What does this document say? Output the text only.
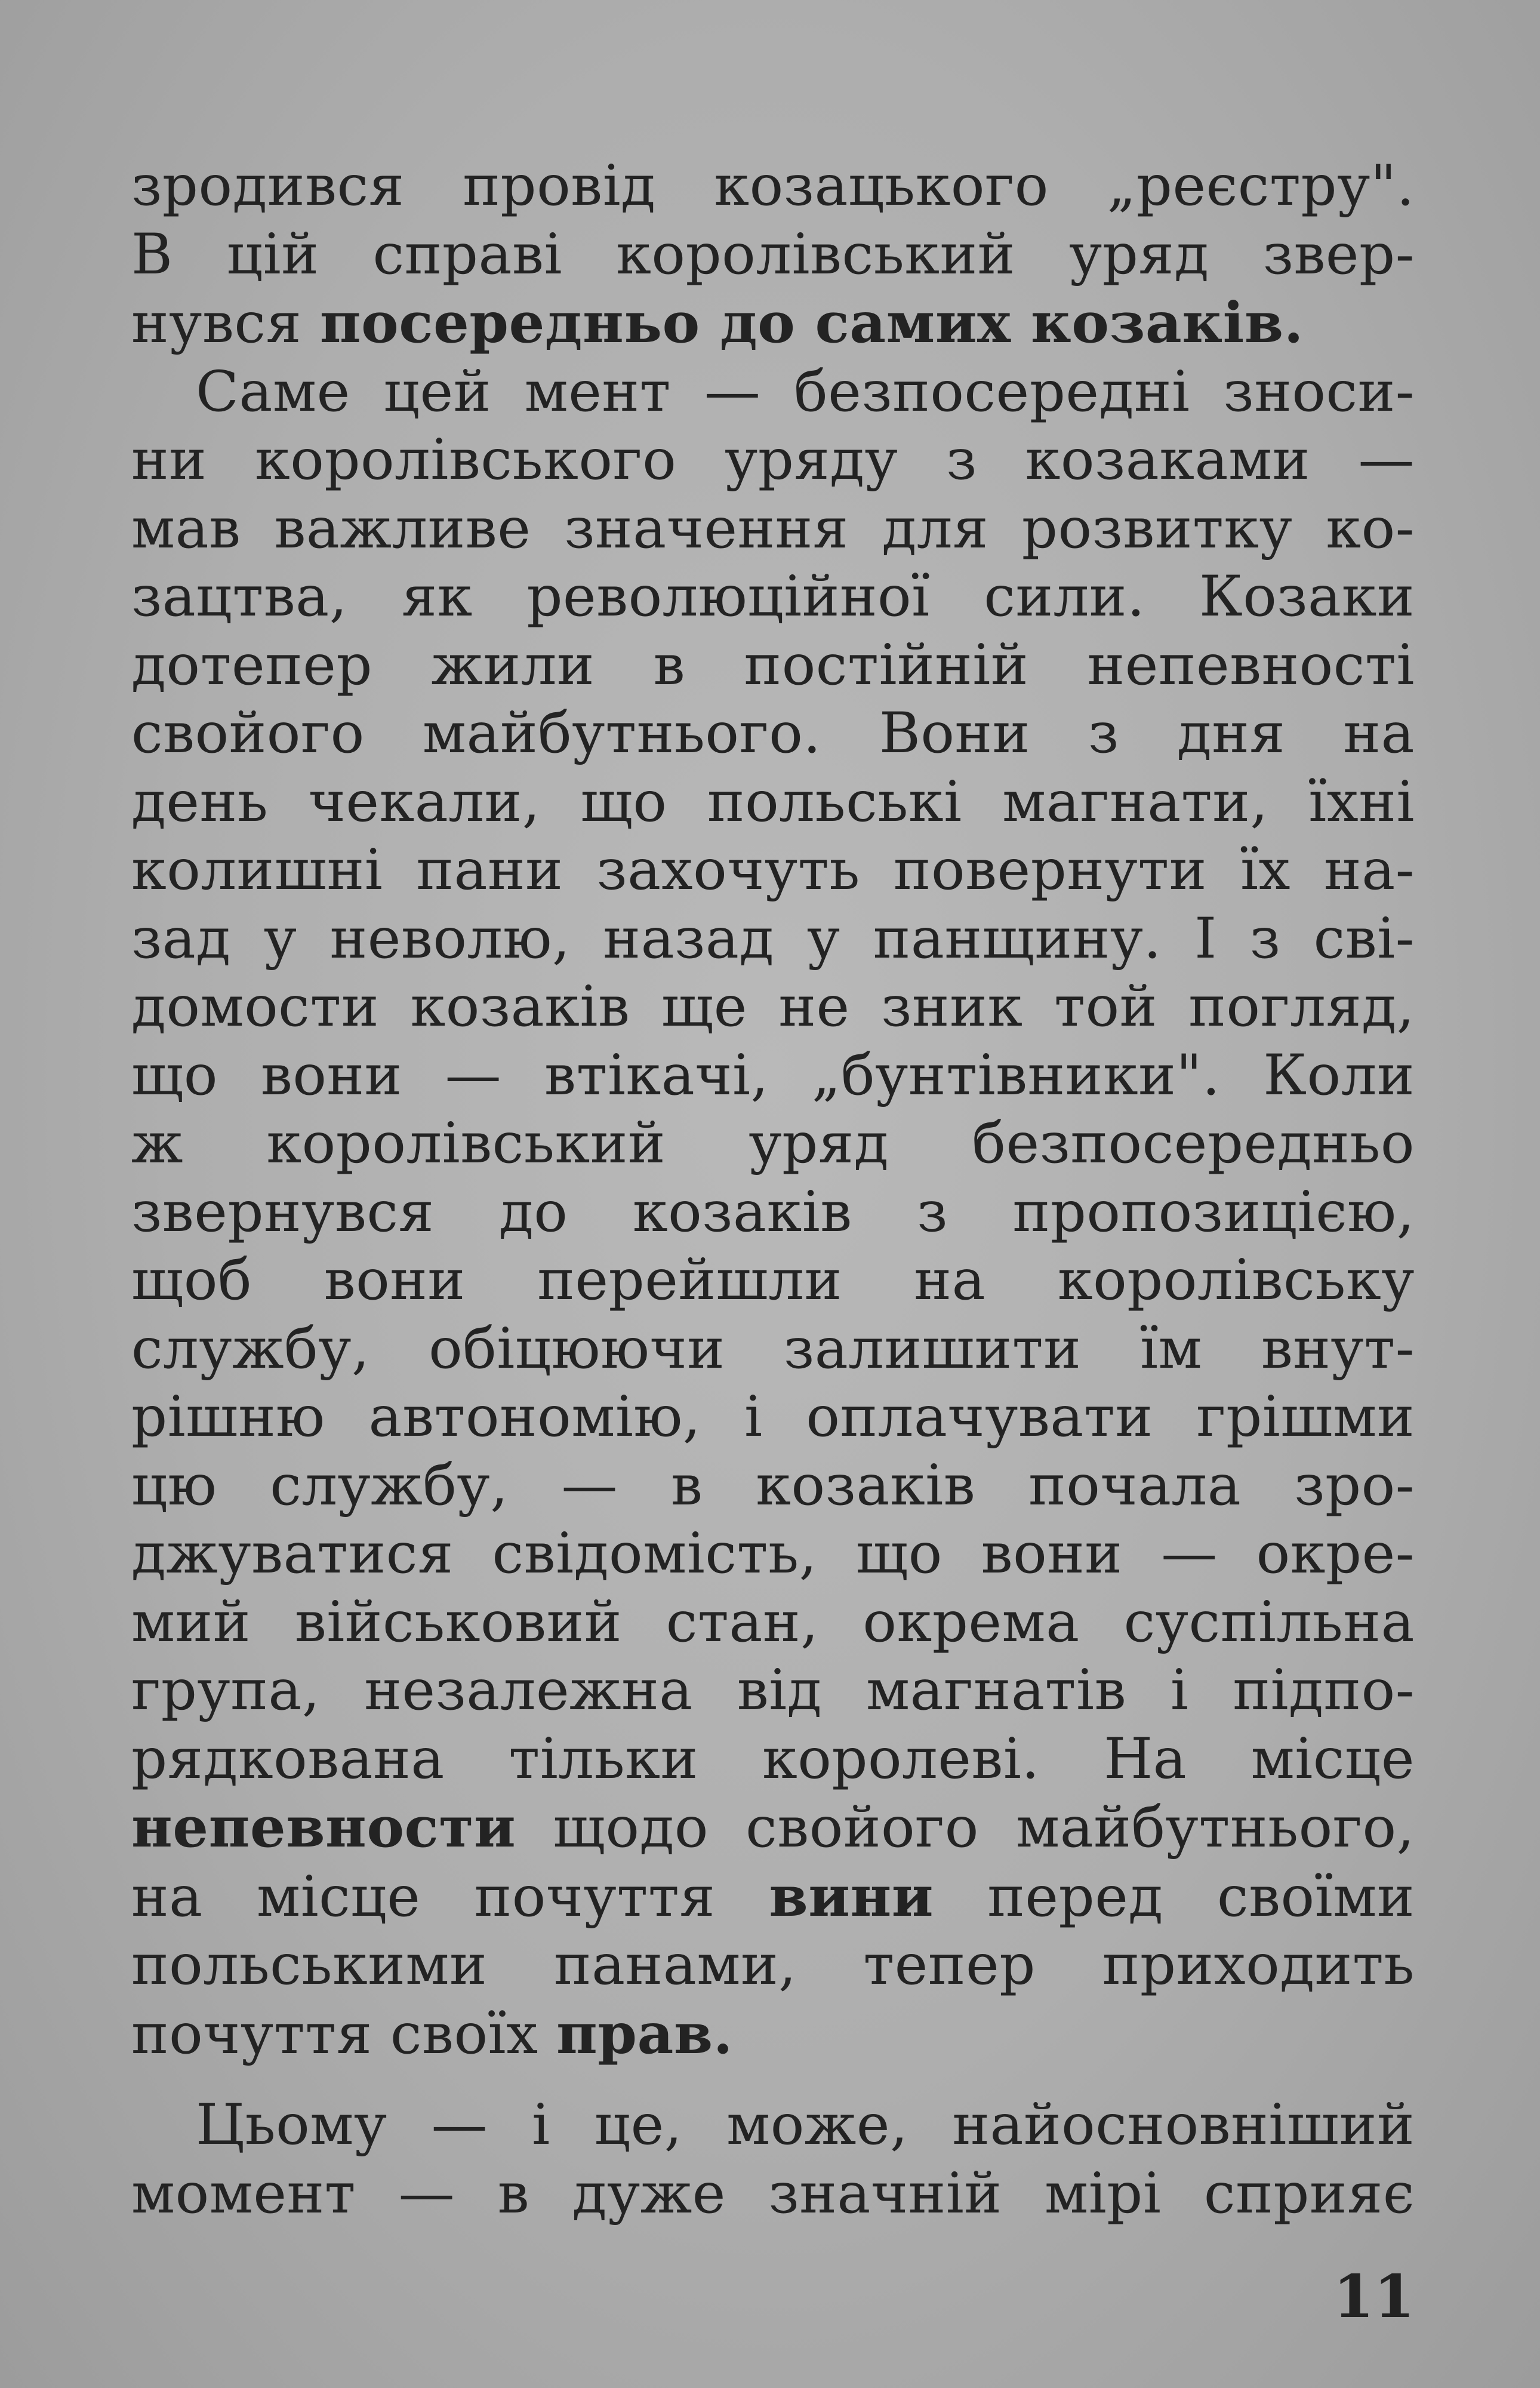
зродився провід козацького „реєстру".
В цій справі королівський уряд звер-
нувся посередньо до самих козаків.
Саме цей мент — безпосередні зноси-
ни королівського уряду з козаками —
мав важливе значення для розвитку ко-
зацтва, як революційної сили. Козаки
дотепер жили в постійній непевності
свойого майбутнього. Вони з дня на
день чекали, що польські магнати, їхні
колишні пани захочуть повернути їх на-
зад у неволю, назад у панщину. І з сві-
домости козаків ще не зник той погляд,
що вони — втікачі, „бунтівники". Коли
ж королівський уряд безпосередньо
звернувся до козаків з пропозицією,
щоб вони перейшли на королівську
службу, обіцюючи залишити їм внут-
рішню автономію, і оплачувати грішми
цю службу, — в козаків почала зро-
джуватися свідомість, що вони — окре-
мий військовий стан, окрема суспільна
група, незалежна від магнатів і підпо-
рядкована тільки королеві. На місце
непевности щодо свойого майбутнього,
на місце почуття вини перед своїми
польськими панами, тепер приходить
почуття своїх прав.
Цьому — і це, може, найосновніший
момент — в дуже значній мірі сприяє
11
